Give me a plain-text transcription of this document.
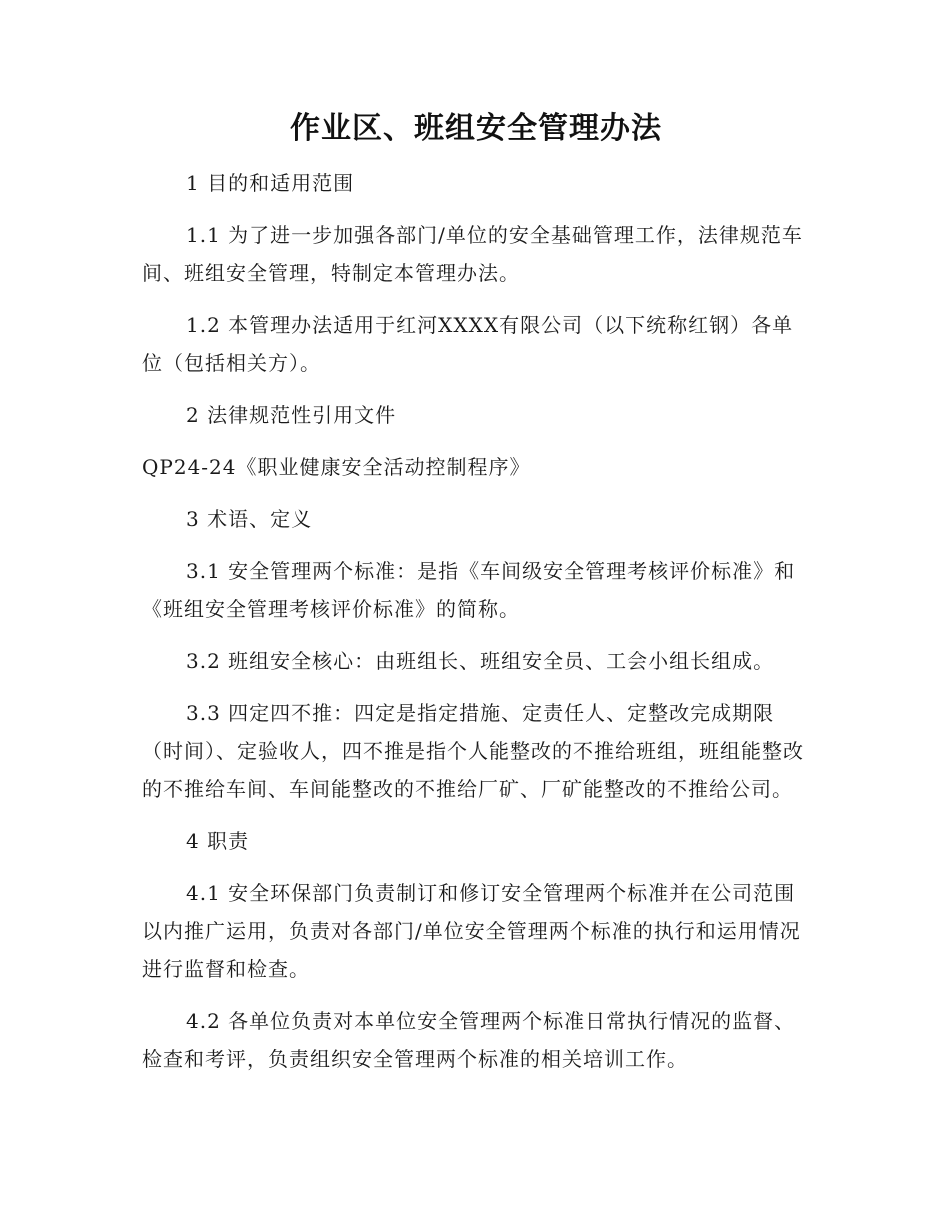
作业区、班组安全管理办法

1 目的和适用范围

1.1 为了进一步加强各部门/单位的安全基础管理工作，法律规范车间、班组安全管理，特制定本管理办法。

1.2 本管理办法适用于红河XXXX有限公司（以下统称红钢）各单位（包括相关方）。

2 法律规范性引用文件

QP24-24《职业健康安全活动控制程序》

3 术语、定义

3.1 安全管理两个标准：是指《车间级安全管理考核评价标准》和《班组安全管理考核评价标准》的简称。

3.2 班组安全核心：由班组长、班组安全员、工会小组长组成。

3.3 四定四不推：四定是指定措施、定责任人、定整改完成期限（时间）、定验收人，四不推是指个人能整改的不推给班组，班组能整改的不推给车间、车间能整改的不推给厂矿、厂矿能整改的不推给公司。

4 职责

4.1 安全环保部门负责制订和修订安全管理两个标准并在公司范围以内推广运用，负责对各部门/单位安全管理两个标准的执行和运用情况进行监督和检查。

4.2 各单位负责对本单位安全管理两个标准日常执行情况的监督、检查和考评，负责组织安全管理两个标准的相关培训工作。
